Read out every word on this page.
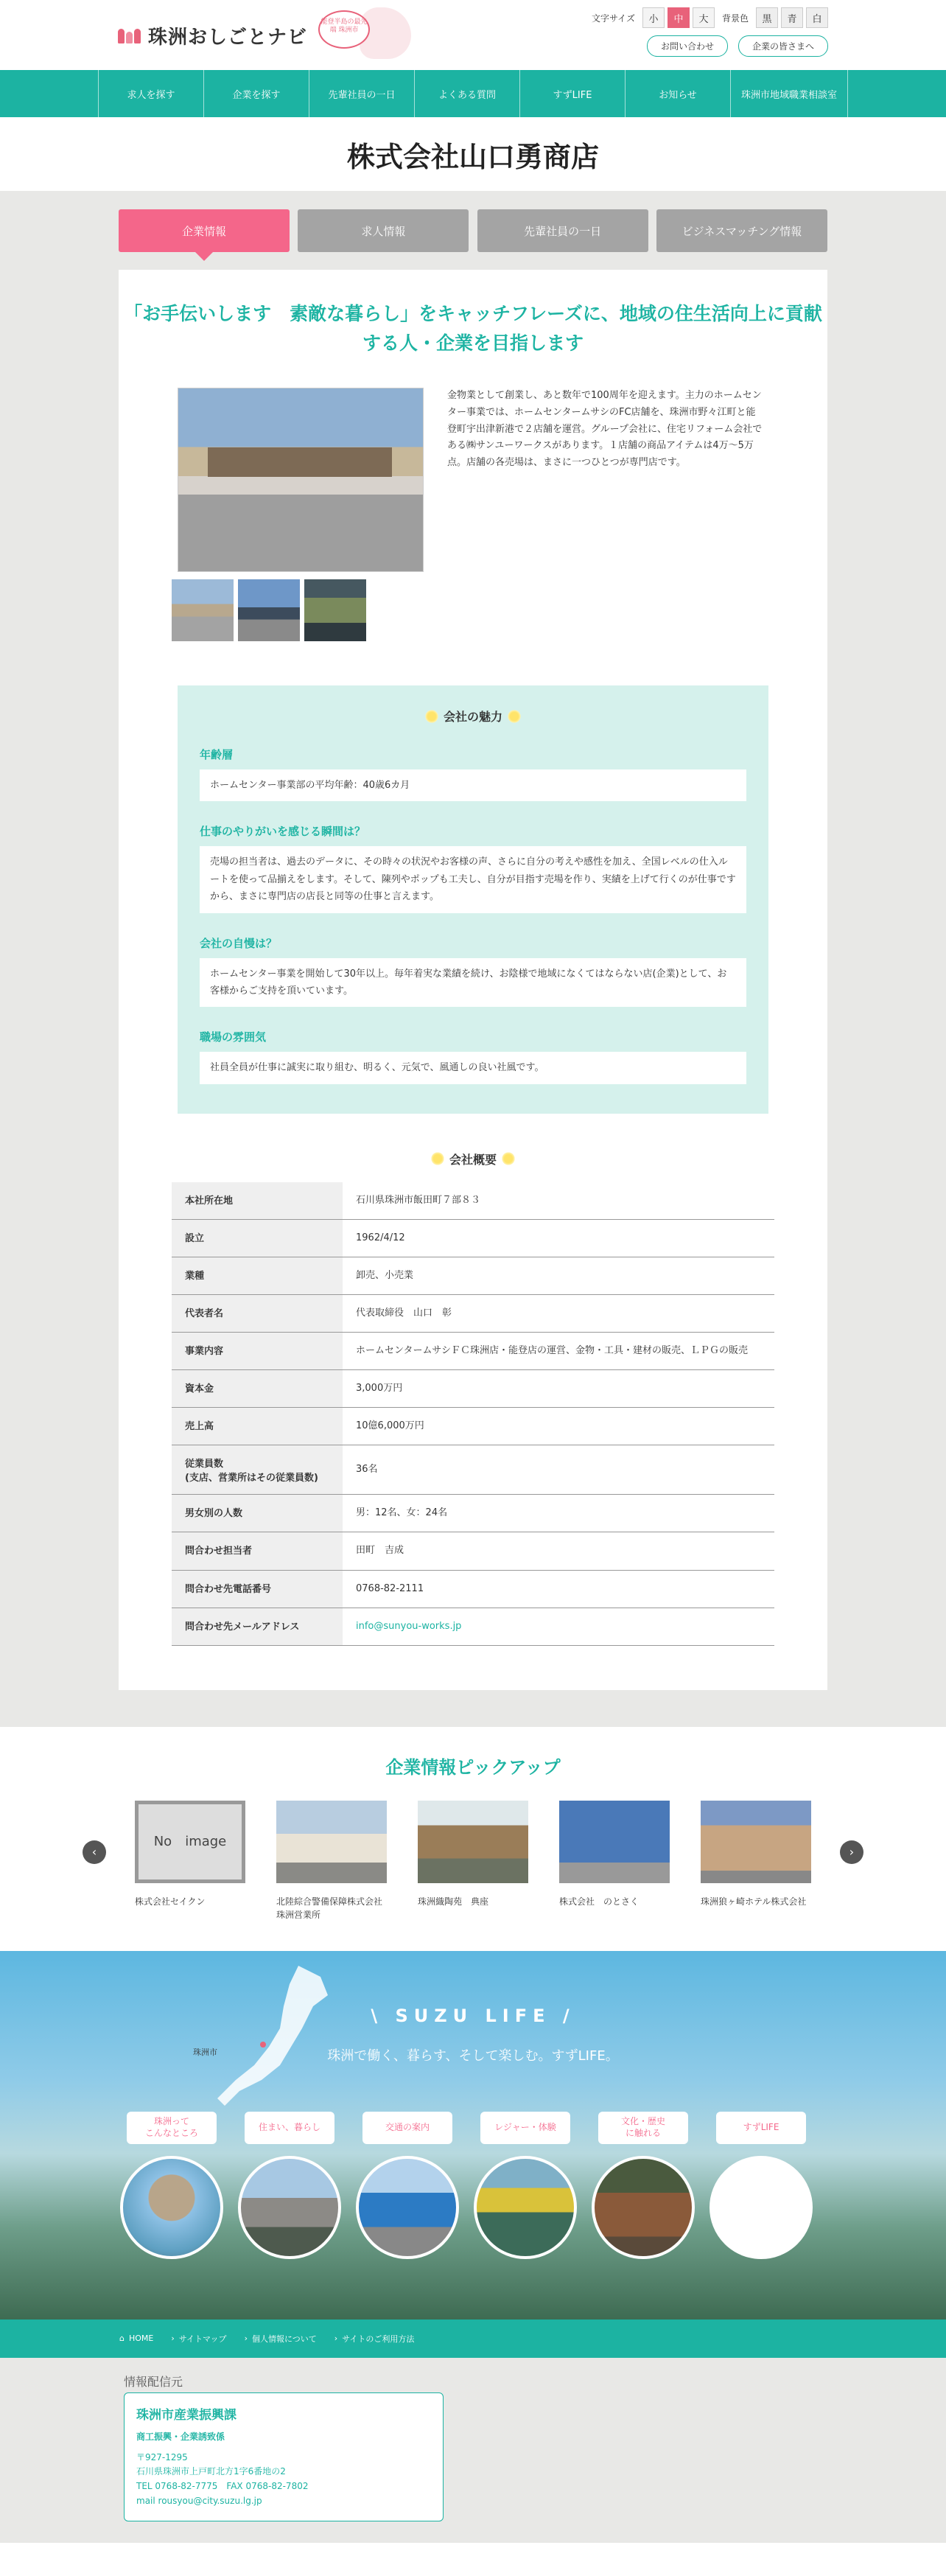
珠洲おしごとナビ
能登半島の最先端 珠洲市
文字サイズ	小	中	大	背景色	黒	青	白
お問い合わせ	企業の皆さまへ
求人を探す	企業を探す	先輩社員の一日	よくある質問	すずLIFE	お知らせ	珠洲市地域職業相談室
株式会社山口勇商店
企業情報	求人情報	先輩社員の一日	ビジネスマッチング情報
「お手伝いします　素敵な暮らし」をキャッチフレーズに、地域の住生活向上に貢献する人・企業を目指します

金物業として創業し、あと数年で100周年を迎えます。主力のホームセンター事業では、ホームセンタームサシのFC店舗を、珠洲市野々江町と能登町宇出津新港で２店舗を運営。グループ会社に、住宅リフォーム会社である㈱サンユーワークスがあります。１店舗の商品アイテムは4万～5万点。店舗の各売場は、まさに一つひとつが専門店です。

会社の魅力
年齢層
ホームセンター事業部の平均年齢：40歳6カ月
仕事のやりがいを感じる瞬間は？
売場の担当者は、過去のデータに、その時々の状況やお客様の声、さらに自分の考えや感性を加え、全国レベルの仕入ルートを使って品揃えをします。そして、陳列やポップも工夫し、自分が目指す売場を作り、実績を上げて行くのが仕事ですから、まさに専門店の店長と同等の仕事と言えます。
会社の自慢は？
ホームセンター事業を開始して30年以上。毎年着実な業績を続け、お陰様で地域になくてはならない店(企業)として、お客様からご支持を頂いています。
職場の雰囲気
社員全員が仕事に誠実に取り組む、明るく、元気で、風通しの良い社風です。
会社概要
本社所在地	石川県珠洲市飯田町７部８３
設立	1962/4/12
業種	卸売、小売業
代表者名	代表取締役　山口　彰
事業内容	ホームセンタームサシＦＣ珠洲店・能登店の運営、金物・工具・建材の販売、ＬＰＧの販売
資本金	3,000万円
売上高	10億6,000万円
従業員数
(支店、営業所はその従業員数)	36名
男女別の人数	男：12名、女：24名
問合わせ担当者	田町　吉成
問合わせ先電話番号	0768-82-2111
問合わせ先メールアドレス	info@sunyou-works.jp
企業情報ピックアップ
‹
No　image
株式会社セイクン	北陸綜合警備保障株式会社　珠洲営業所
珠洲織陶苑　典座	株式会社　のとさく	珠洲狼ヶ崎ホテル株式会社
›
珠洲市
\ SUZU LIFE /
珠洲で働く、暮らす、そして楽しむ。すずLIFE。
珠洲って
こんなところ
住まい、暮らし	交通の案内	レジャー・体験
文化・歴史
に触れる
すずLIFE
⌂ HOME › サイトマップ › 個人情報について › サイトのご利用方法
情報配信元
珠洲市産業振興課
商工振興・企業誘致係
〒927-1295
石川県珠洲市上戸町北方1字6番地の2
TEL 0768-82-7775　FAX 0768-82-7802
mail rousyou@city.suzu.lg.jp
